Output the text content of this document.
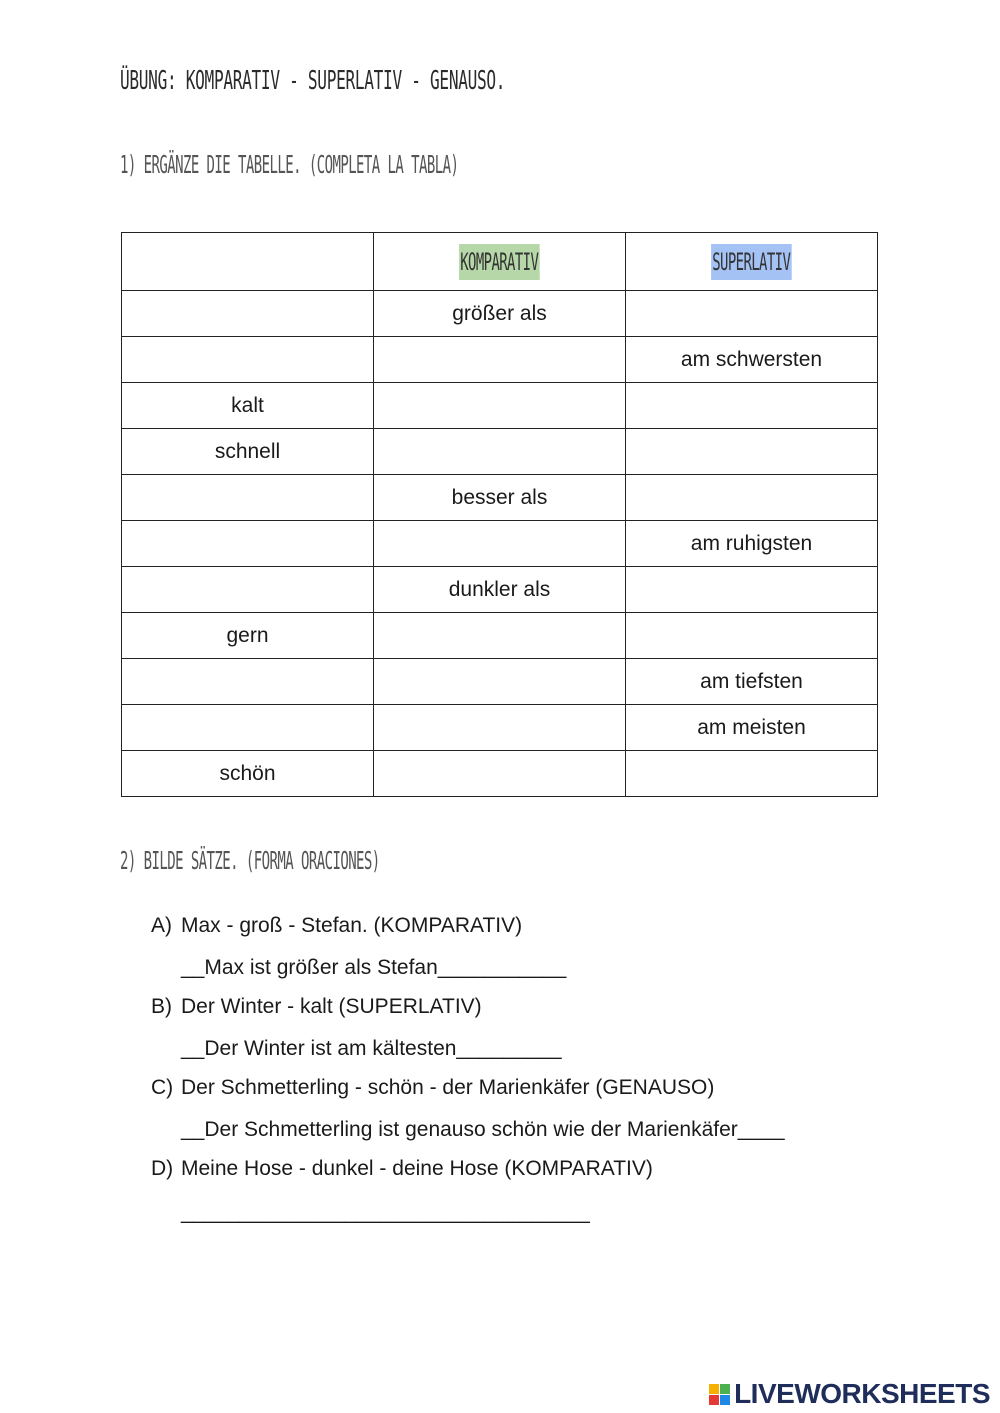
ÜBUNG: KOMPARATIV - SUPERLATIV - GENAUSO.
1) ERGÄNZE DIE TABELLE. (COMPLETA LA TABLA)
	KOMPARATIV	SUPERLATIV
	größer als	
		am schwersten
kalt		
schnell		
	besser als	
		am ruhigsten
	dunkler als	
gern		
		am tiefsten
		am meisten
schön		
2) BILDE SÄTZE. (FORMA ORACIONES)
A) Max - groß - Stefan. (KOMPARATIV)
__Max ist größer als Stefan___________
B) Der Winter - kalt (SUPERLATIV)
__Der Winter ist am kältesten_________
C) Der Schmetterling - schön - der Marienkäfer (GENAUSO)
__Der Schmetterling ist genauso schön wie der Marienkäfer____
D) Meine Hose - dunkel - deine Hose (KOMPARATIV)
___________________________________
LIVEWORKSHEETS
